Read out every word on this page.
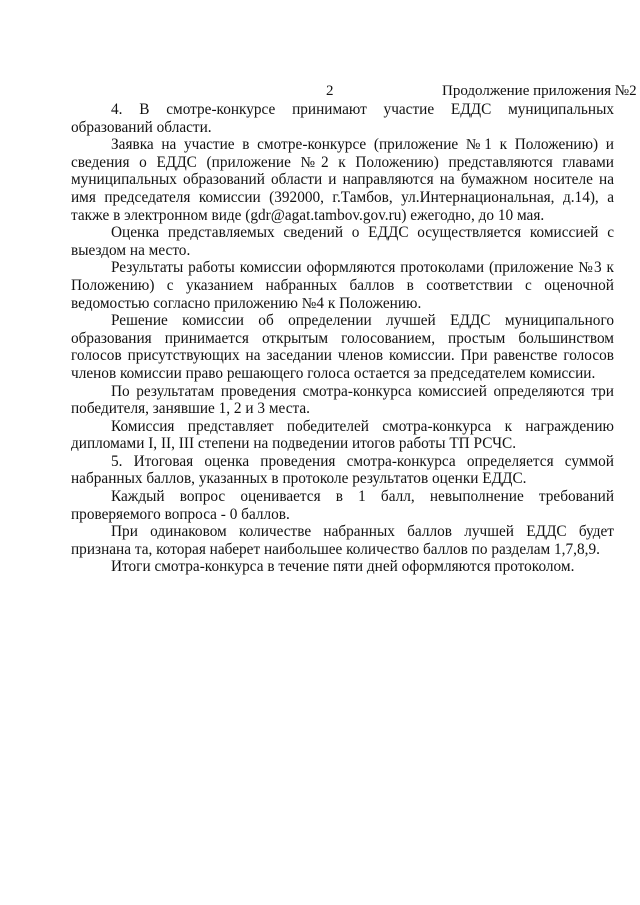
2	Продолжение приложения №2

4. В смотре-конкурсе принимают участие ЕДДС муниципальных образований области.

Заявка на участие в смотре-конкурсе (приложение №1 к Положению) и сведения о ЕДДС (приложение №2 к Положению) представляются главами муниципальных образований области и направляются на бумажном носителе на имя председателя комиссии (392000, г.Тамбов, ул.Интернациональная, д.14), а также в электронном виде (gdr@agat.tambov.gov.ru) ежегодно, до 10 мая.

Оценка представляемых сведений о ЕДДС осуществляется комиссией с выездом на место.

Результаты работы комиссии оформляются протоколами (приложение №3 к Положению) с указанием набранных баллов в соответствии с оценочной ведомостью согласно приложению №4 к Положению.

Решение комиссии об определении лучшей ЕДДС муниципального образования принимается открытым голосованием, простым большинством голосов присутствующих на заседании членов комиссии. При равенстве голосов членов комиссии право решающего голоса остается за председателем комиссии.

По результатам проведения смотра-конкурса комиссией определяются три победителя, занявшие 1, 2 и 3 места.

Комиссия представляет победителей смотра-конкурса к награждению дипломами I, II, III степени на подведении итогов работы ТП РСЧС.

5. Итоговая оценка проведения смотра-конкурса определяется суммой набранных баллов, указанных в протоколе результатов оценки ЕДДС.

Каждый вопрос оценивается в 1 балл, невыполнение требований проверяемого вопроса - 0 баллов.

При одинаковом количестве набранных баллов лучшей ЕДДС будет признана та, которая наберет наибольшее количество баллов по разделам 1,7,8,9.

Итоги смотра-конкурса в течение пяти дней оформляются протоколом.
